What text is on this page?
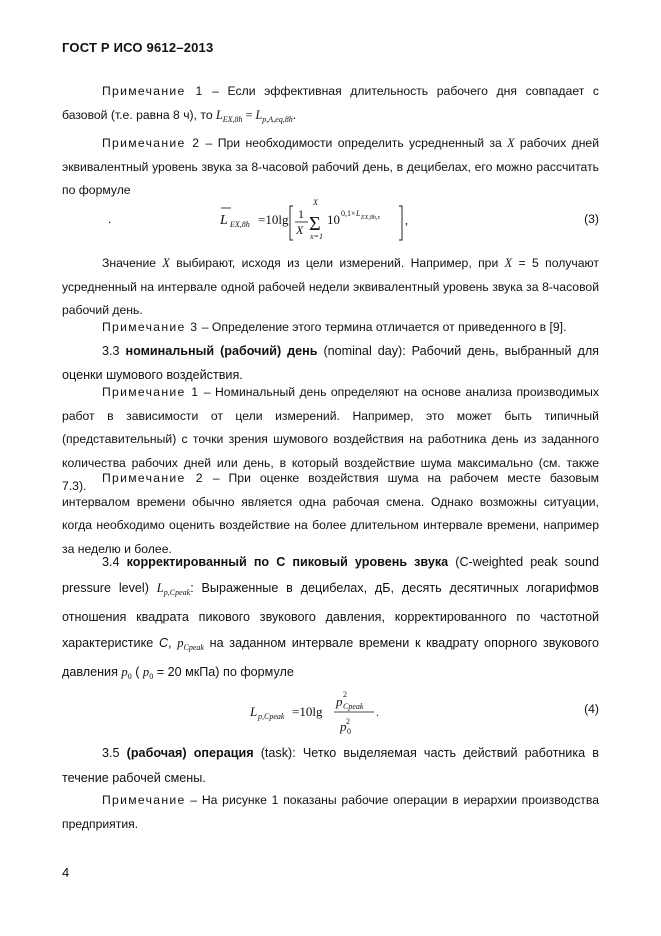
ГОСТ Р ИСО 9612–2013
Примечание 1 – Если эффективная длительность рабочего дня совпадает с базовой (т.е. равна 8 ч), то $L_{EX,8h} = L_{p,A,eq,8h}$.
Примечание 2 – При необходимости определить усредненный за X рабочих дней эквивалентный уровень звука за 8-часовой рабочий день, в децибелах, его можно рассчитать по формуле
.	L EX,8h =10lg 1
X
X
Σ
x=1
10 0,1× L EX,8h,x ,	(3)
Значение X выбирают, исходя из цели измерений. Например, при X = 5 получают усредненный на интервале одной рабочей недели эквивалентный уровень звука за 8-часовой рабочий день.
Примечание 3 – Определение этого термина отличается от приведенного в [9].
3.3 номинальный (рабочий) день (nominal day): Рабочий день, выбранный для оценки шумового воздействия.
Примечание 1 – Номинальный день определяют на основе анализа производимых работ в зависимости от цели измерений. Например, это может быть типичный (представительный) с точки зрения шумового воздействия на работника день из заданного количества рабочих дней или день, в который воздействие шума максимально (см. также 7.3).
Примечание 2 – При оценке воздействия шума на рабочем месте базовым интервалом времени обычно является одна рабочая смена. Однако возможны ситуации, когда необходимо оценить воздействие на более длительном интервале времени, например за неделю и более.
3.4 корректированный по С пиковый уровень звука (C-weighted peak sound pressure level) $L_{p,Cpeak}$: Выраженные в децибелах, дБ, десять десятичных логарифмов отношения квадрата пикового звукового давления, корректированного по частотной характеристике C, $p_{Cpeak}$ на заданном интервале времени к квадрату опорного звукового давления $p_0$ ( $p_0 = 20$ мкПа) по формуле
L p,Cpeak =10lg
2
p Cpeak
2
p 0
.	(4)
3.5 (рабочая) операция (task): Четко выделяемая часть действий работника в течение рабочей смены.
Примечание – На рисунке 1 показаны рабочие операции в иерархии производства предприятия.
4
